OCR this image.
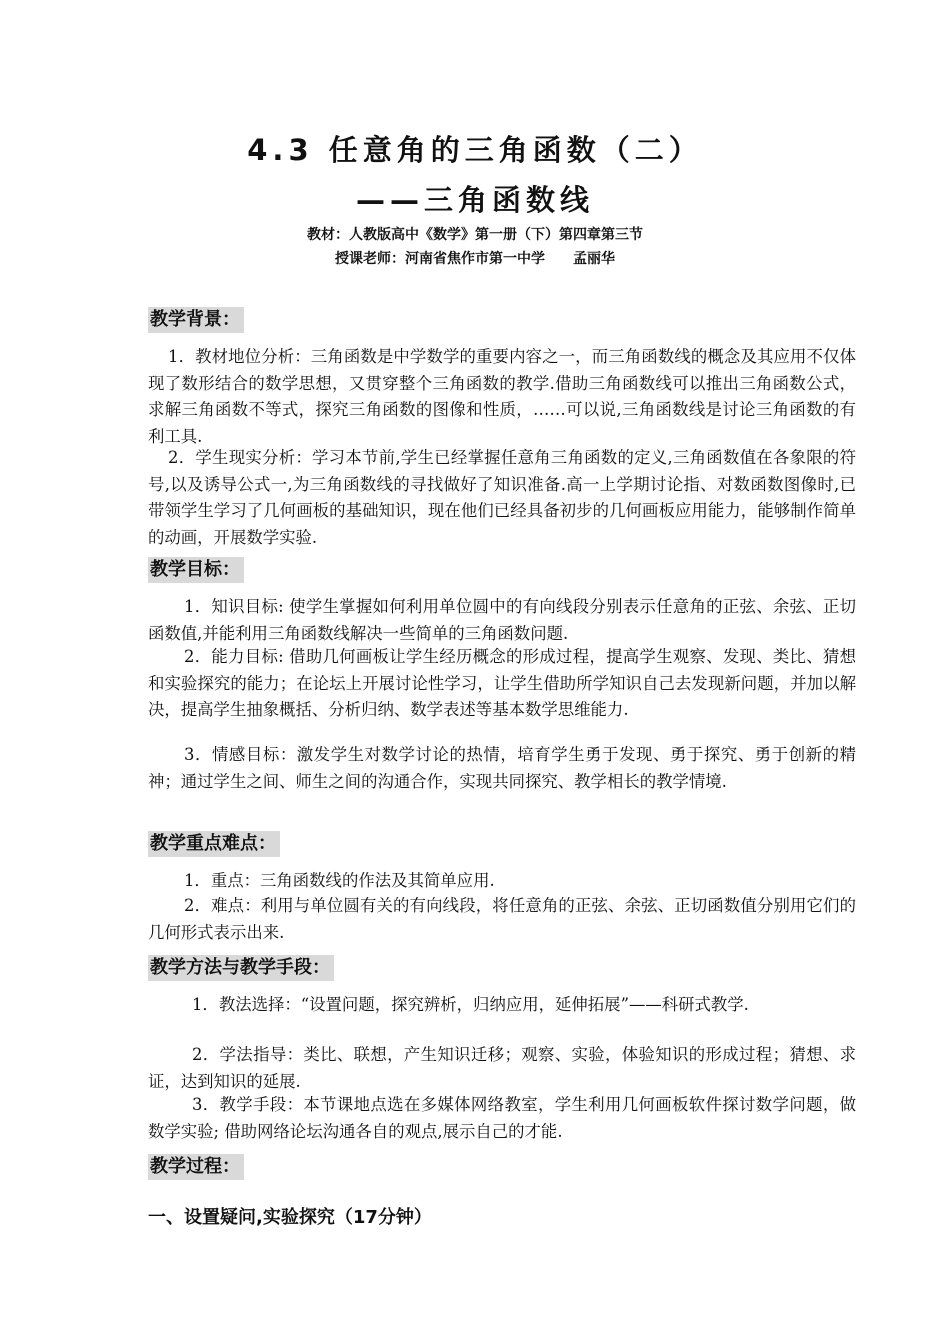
4.3 任意角的三角函数（二）
——三角函数线
教材：人教版高中《数学》第一册（下）第四章第三节
授课老师：河南省焦作市第一中学　　孟丽华
教学背景：

1．教材地位分析：三角函数是中学数学的重要内容之一，而三角函数线的概念及其应用不仅体现了数形结合的数学思想，又贯穿整个三角函数的教学.借助三角函数线可以推出三角函数公式，求解三角函数不等式，探究三角函数的图像和性质，……可以说,三角函数线是讨论三角函数的有利工具.

2．学生现实分析：学习本节前,学生已经掌握任意角三角函数的定义,三角函数值在各象限的符号,以及诱导公式一,为三角函数线的寻找做好了知识准备.高一上学期讨论指、对数函数图像时,已带领学生学习了几何画板的基础知识，现在他们已经具备初步的几何画板应用能力，能够制作简单的动画，开展数学实验.

教学目标：

1．知识目标: 使学生掌握如何利用单位圆中的有向线段分别表示任意角的正弦、余弦、正切函数值,并能利用三角函数线解决一些简单的三角函数问题.

2．能力目标: 借助几何画板让学生经历概念的形成过程，提高学生观察、发现、类比、猜想和实验探究的能力；在论坛上开展讨论性学习，让学生借助所学知识自己去发现新问题，并加以解决，提高学生抽象概括、分析归纳、数学表述等基本数学思维能力.

3．情感目标：激发学生对数学讨论的热情，培育学生勇于发现、勇于探究、勇于创新的精神；通过学生之间、师生之间的沟通合作，实现共同探究、教学相长的教学情境.

教学重点难点：

1．重点：三角函数线的作法及其简单应用.

2．难点：利用与单位圆有关的有向线段，将任意角的正弦、余弦、正切函数值分别用它们的几何形式表示出来.

教学方法与教学手段：

1．教法选择：“设置问题，探究辨析，归纳应用，延伸拓展”——科研式教学.

2．学法指导：类比、联想，产生知识迁移；观察、实验，体验知识的形成过程；猜想、求证，达到知识的延展.

3．教学手段：本节课地点选在多媒体网络教室，学生利用几何画板软件探讨数学问题，做数学实验; 借助网络论坛沟通各自的观点,展示自己的才能.

教学过程：
一、设置疑问,实验探究（17分钟）
